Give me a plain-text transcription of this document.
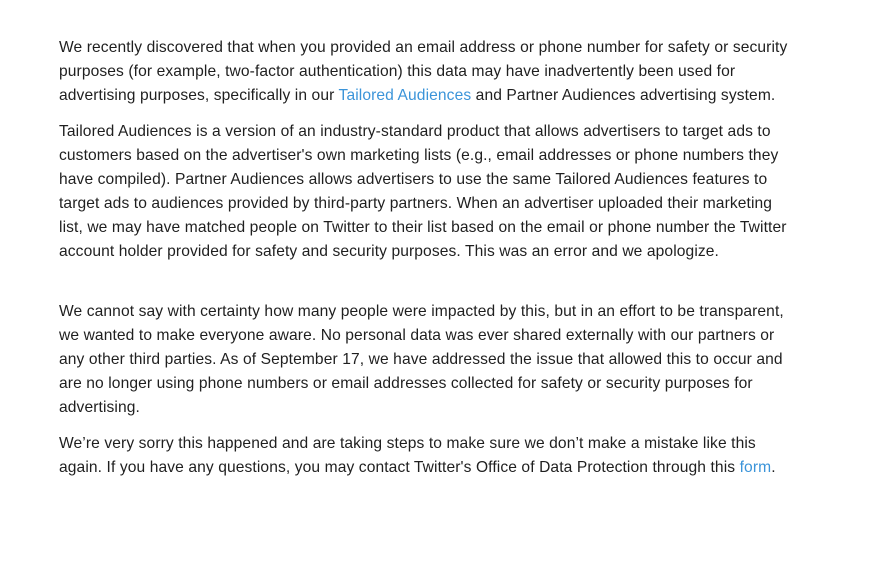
We recently discovered that when you provided an email address or phone number for safety or security purposes (for example, two-factor authentication) this data may have inadvertently been used for advertising purposes, specifically in our Tailored Audiences and Partner Audiences advertising system.

Tailored Audiences is a version of an industry-standard product that allows advertisers to target ads to customers based on the advertiser's own marketing lists (e.g., email addresses or phone numbers they have compiled). Partner Audiences allows advertisers to use the same Tailored Audiences features to target ads to audiences provided by third-party partners. When an advertiser uploaded their marketing list, we may have matched people on Twitter to their list based on the email or phone number the Twitter account holder provided for safety and security purposes. This was an error and we apologize.

We cannot say with certainty how many people were impacted by this, but in an effort to be transparent, we wanted to make everyone aware. No personal data was ever shared externally with our partners or any other third parties. As of September 17, we have addressed the issue that allowed this to occur and are no longer using phone numbers or email addresses collected for safety or security purposes for advertising.

We’re very sorry this happened and are taking steps to make sure we don’t make a mistake like this again. If you have any questions, you may contact Twitter's Office of Data Protection through this form.
